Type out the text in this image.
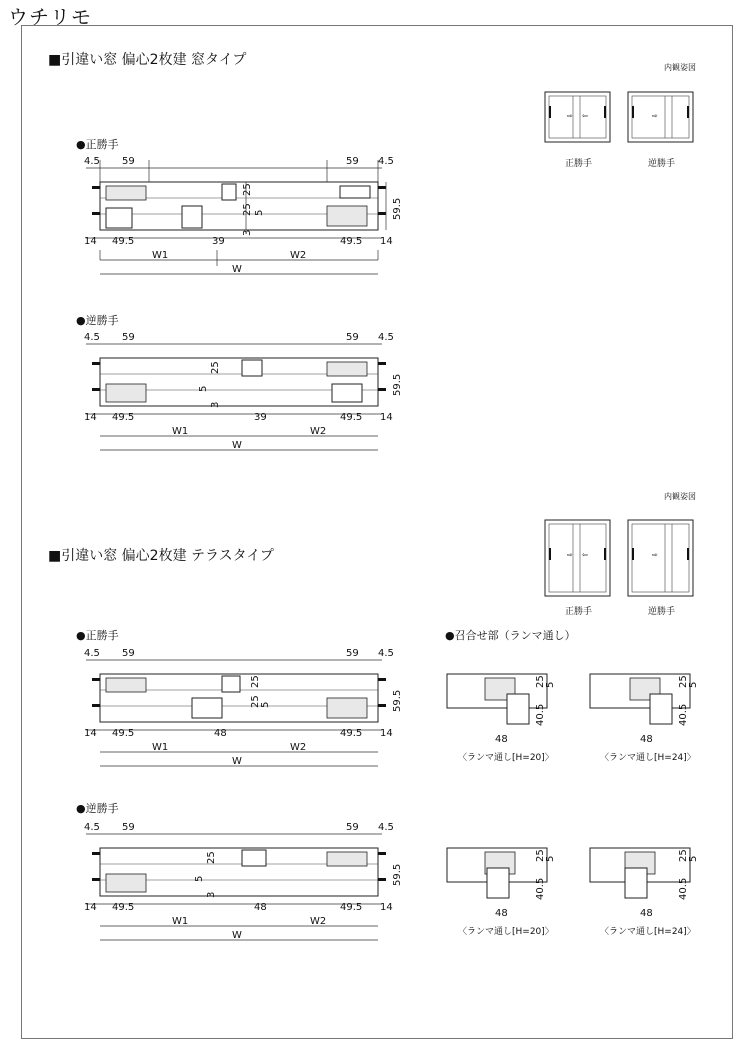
ウチリモ
■引違い窓 偏心2枚建 窓タイプ
■引違い窓 偏心2枚建 テラスタイプ
内観姿図
内観姿図
⇨ ⇦	⇨
正勝手	逆勝手
⇨ ⇦	⇨
正勝手	逆勝手
●正勝手
●逆勝手
●正勝手
●逆勝手
●召合せ部（ランマ通し）
4.5 59	59 4.5
25
25 5
3
59.5
14 49.5	39	49.5 14
W1	W2
W
4.5 59	59 4.5
25
5
3
59.5
14 49.5	39	49.5 14
W1	W2
W
4.5 59	59 4.5
25
25 5	59.5
14 49.5	48	49.5 14
W1	W2
W
4.5 59	59 4.5
25
5
3
59.5
14 49.5	48	49.5 14
W1	W2
W
25 5
40.5
48
25 5
40.5
48
〈ランマ通し[H=20]〉	〈ランマ通し[H=24]〉
25 5
40.5
48
25 5
40.5
48
〈ランマ通し[H=20]〉	〈ランマ通し[H=24]〉
